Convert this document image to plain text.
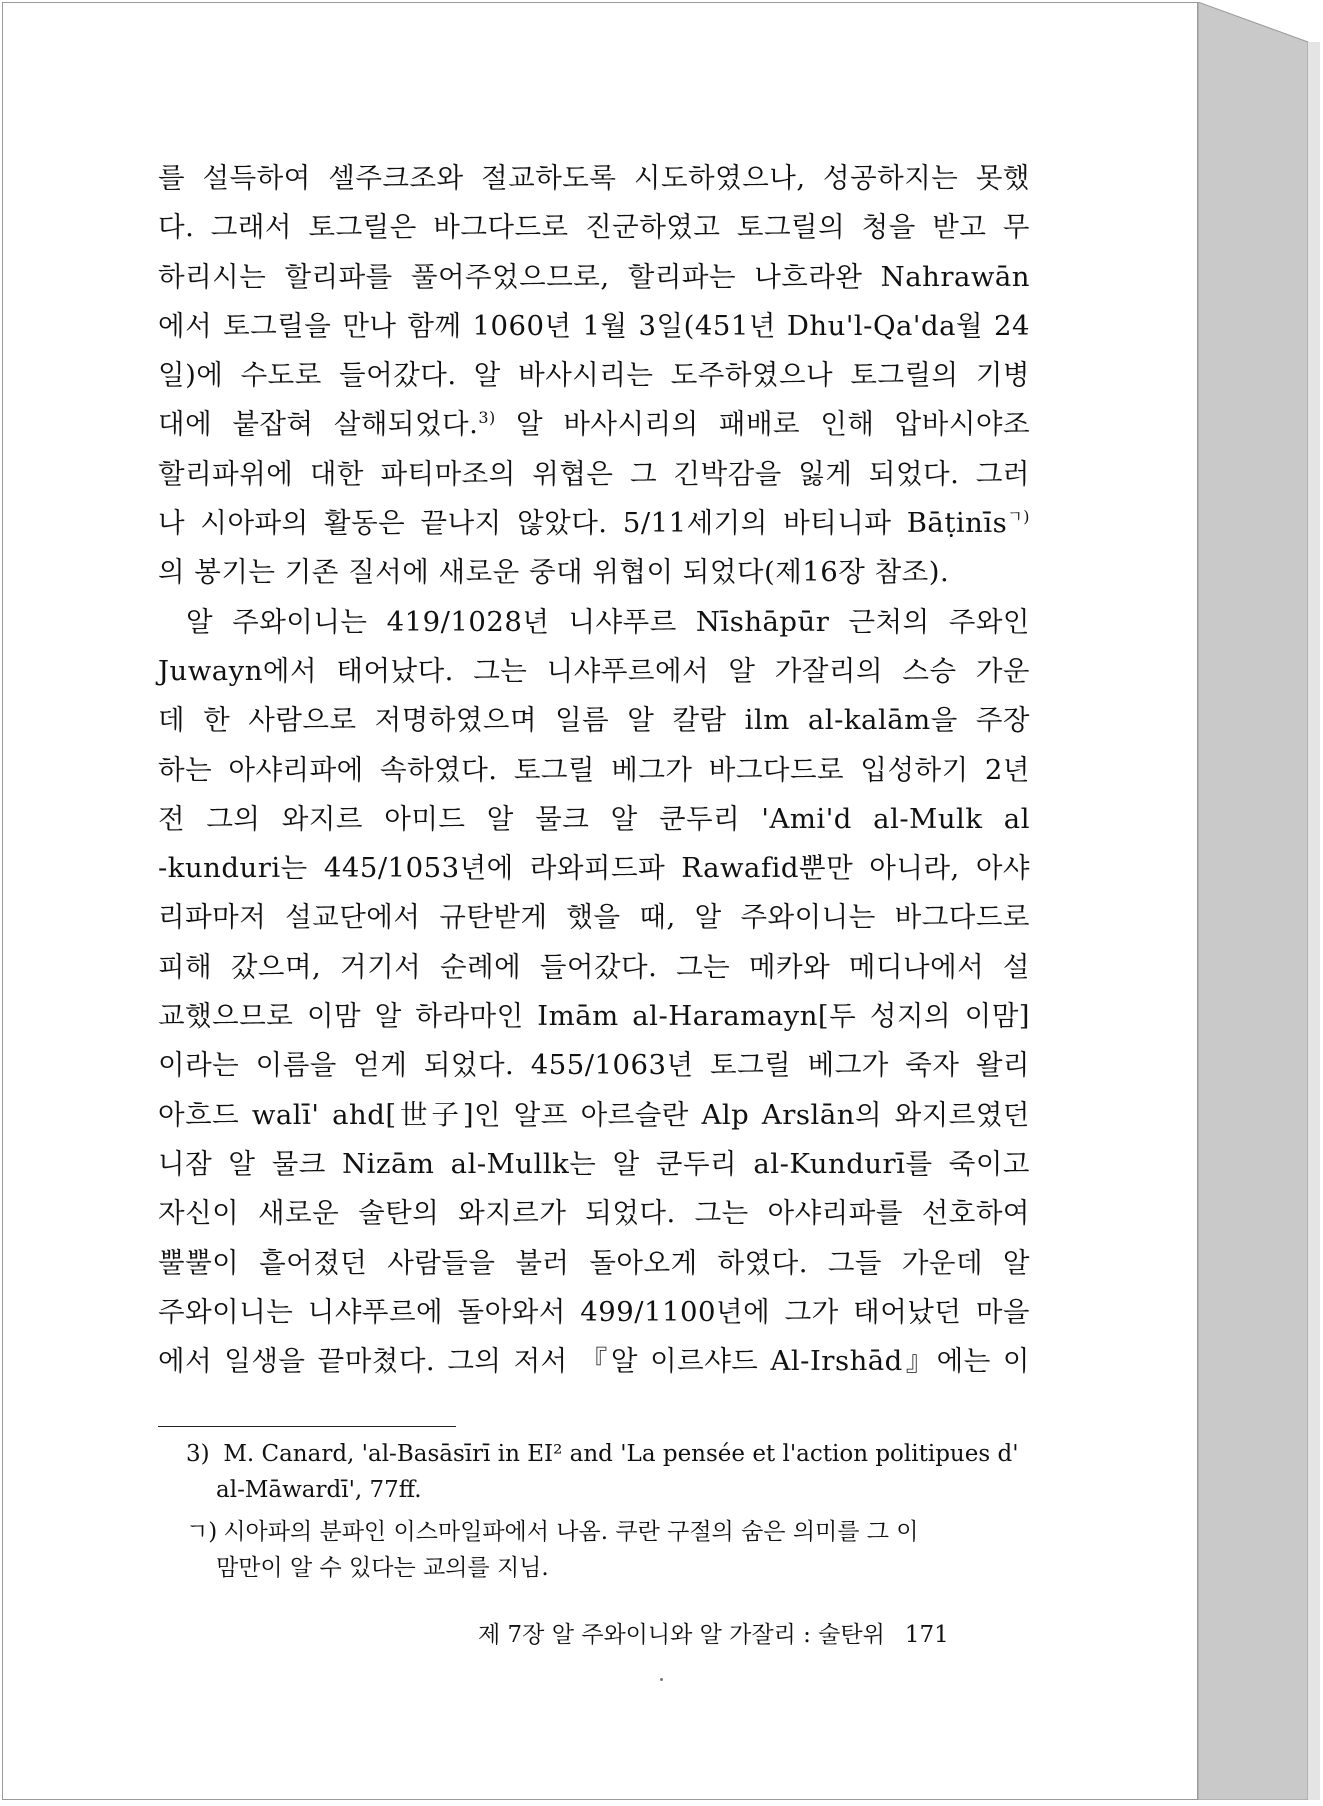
를 설득하여 셀주크조와 절교하도록 시도하였으나, 성공하지는 못했
다. 그래서 토그릴은 바그다드로 진군하였고 토그릴의 청을 받고 무
하리시는 할리파를 풀어주었으므로, 할리파는 나흐라완 Nahrawān
에서 토그릴을 만나 함께 1060년 1월 3일(451년 Dhu'l-Qa'da월 24
일)에 수도로 들어갔다. 알 바사시리는 도주하였으나 토그릴의 기병
대에 붙잡혀 살해되었다.$^{3)}$ 알 바사시리의 패배로 인해 압바시야조
할리파위에 대한 파티마조의 위협은 그 긴박감을 잃게 되었다. 그러
나 시아파의 활동은 끝나지 않았다. 5/11세기의 바티니파 Bāṭinīs$^{ㄱ)}$
의 봉기는 기존 질서에 새로운 중대 위협이 되었다(제16장 참조).
알 주와이니는 419/1028년 니샤푸르 Nīshāpūr 근처의 주와인
Juwayn에서 태어났다. 그는 니샤푸르에서 알 가잘리의 스승 가운
데 한 사람으로 저명하였으며 일름 알 칼람 ilm al-kalām을 주장
하는 아샤리파에 속하였다. 토그릴 베그가 바그다드로 입성하기 2년
전 그의 와지르 아미드 알 물크 알 쿤두리 'Ami'd al-Mulk al
-kunduri는 445/1053년에 라와피드파 Rawafid뿐만 아니라, 아샤
리파마저 설교단에서 규탄받게 했을 때, 알 주와이니는 바그다드로
피해 갔으며, 거기서 순례에 들어갔다. 그는 메카와 메디나에서 설
교했으므로 이맘 알 하라마인 Imām al-Haramayn[두 성지의 이맘]
이라는 이름을 얻게 되었다. 455/1063년 토그릴 베그가 죽자 왈리
아흐드 walī' ahd[世子]인 알프 아르슬란 Alp Arslān의 와지르였던
니잠 알 물크 Nizām al-Mullk는 알 쿤두리 al-Kundurī를 죽이고
자신이 새로운 술탄의 와지르가 되었다. 그는 아샤리파를 선호하여
뿔뿔이 흩어졌던 사람들을 불러 돌아오게 하였다. 그들 가운데 알
주와이니는 니샤푸르에 돌아와서 499/1100년에 그가 태어났던 마을
에서 일생을 끝마쳤다. 그의 저서 『알 이르샤드 Al-Irshād』에는 이
3) M. Canard, 'al-Basāsīrī in EI² and 'La pensée et l'action politipues d'
al-Māwardī', 77ff.
ㄱ) 시아파의 분파인 이스마일파에서 나옴. 쿠란 구절의 숨은 의미를 그 이
맘만이 알 수 있다는 교의를 지님.
제 7장 알 주와이니와 알 가잘리 : 술탄위 171
